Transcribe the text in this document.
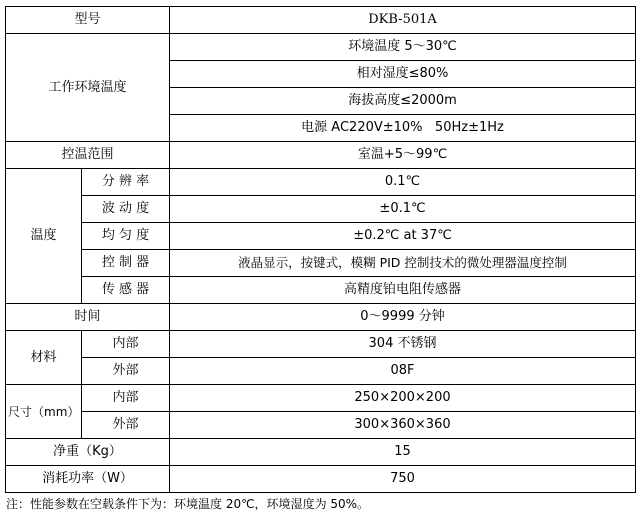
型号		DKB-501A
工作环境温度		环境温度 5～30℃
		相对湿度≤80%
		海拔高度≤2000m
		电源 AC220V±10%   50Hz±1Hz
控温范围		室温+5～99℃
温度	分 辨 率	0.1℃
	波 动 度	±0.1℃
	均 匀 度	±0.2℃ at 37℃
	控 制 器	液晶显示，按键式，模糊 PID 控制技术的微处理器温度控制
	传 感 器	高精度铂电阻传感器
时间		0～9999 分钟
材料	内部	304 不锈钢
	外部	08F
尺寸（mm）	内部	250×200×200
	外部	300×360×360
净重（Kg）		15
消耗功率（W）		750
注：性能参数在空载条件下为：环境温度 20℃，环境湿度为 50%。
